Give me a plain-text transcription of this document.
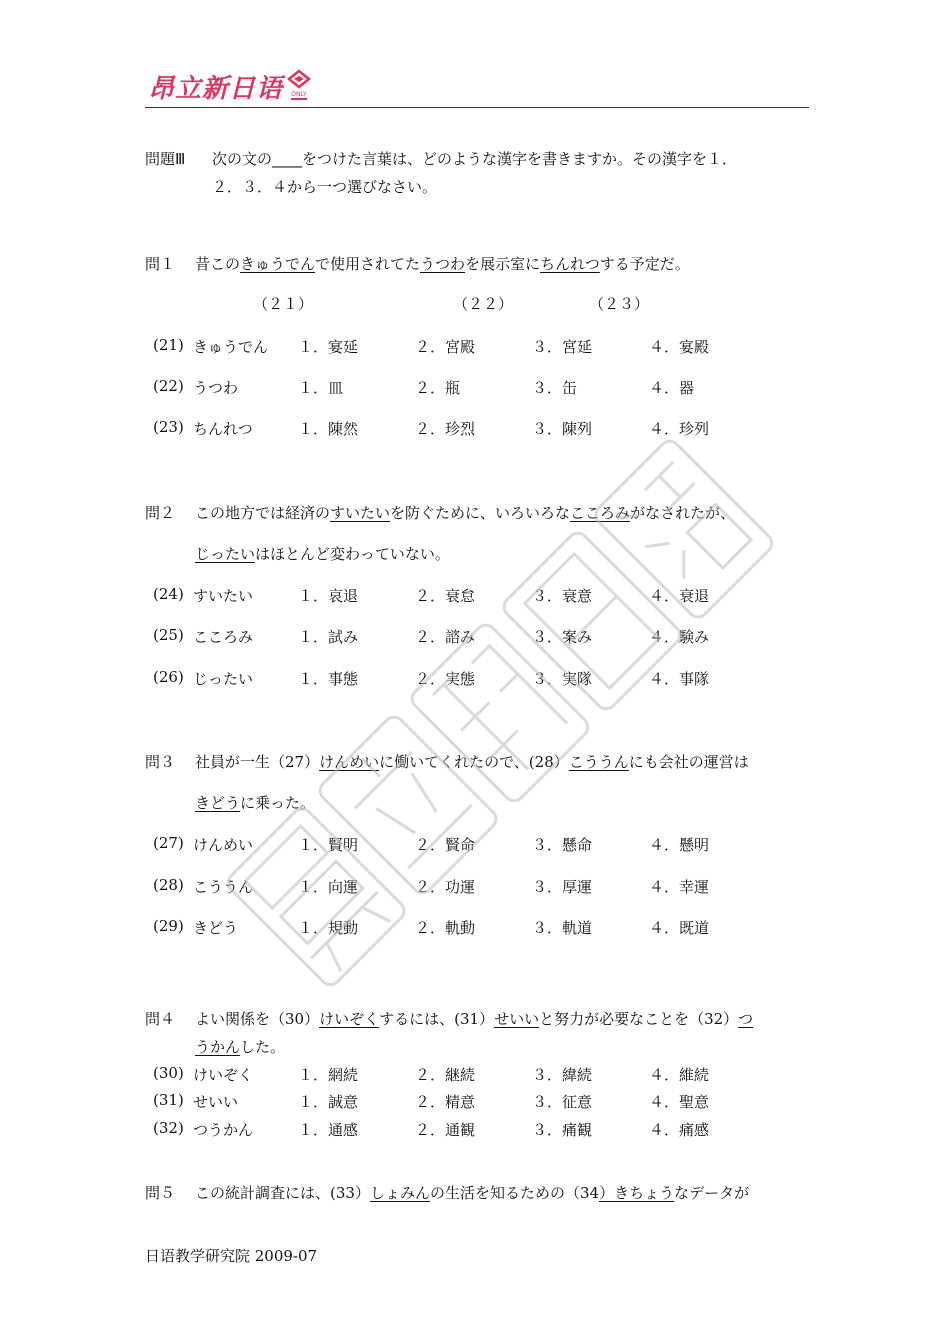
昂立新日语 ONLY
問題Ⅲ 次の文の____をつけた言葉は、どのような漢字を書きますか。その漢字を１．
２．３．４から一つ選びなさい。
問１ 昔このきゅうでんで使用されてたうつわを展示室にちんれつする予定だ。
（２１）	（２２）	（２３）
(21) きゅうでん １．宴延	２．宮殿	３．宮延	４．宴殿
(22) うつわ	１．皿	２．瓶	３．缶	４．器
(23) ちんれつ	１．陳然	２．珍烈	３．陳列	４．珍列
問２ この地方では経済のすいたいを防ぐために、いろいろなこころみがなされたが、
じったいはほとんど変わっていない。
(24) すいたい	１．哀退	２．衰怠	３．衰意	４．衰退
(25) こころみ	１．試み	２．諮み	３．案み	４．験み
(26) じったい	１．事態	２．実態	３．実隊	４．事隊
問３ 社員が一生（27）けんめいに働いてくれたので、(28）こううんにも会社の運営は
きどうに乗った。
(27) けんめい	１．賢明	２．賢命	３．懸命	４．懸明
(28) こううん	１．向運	２．功運	３．厚運	４．幸運
(29) きどう	１．規動	２．軌動	３．軌道	４．既道
問４ よい関係を（30）けいぞくするには、(31）せいいと努力が必要なことを（32）つ
うかんした。
(30) けいぞく	１．網続	２．継続	３．緯続	４．維続
(31) せいい	１．誠意	２．精意	３．征意	４．聖意
(32) つうかん	１．通感	２．通観	３．痛観	４．痛感
問５ この統計調査には、(33）しょみんの生活を知るための（34）きちょうなデータが
日语教学研究院 2009-07
